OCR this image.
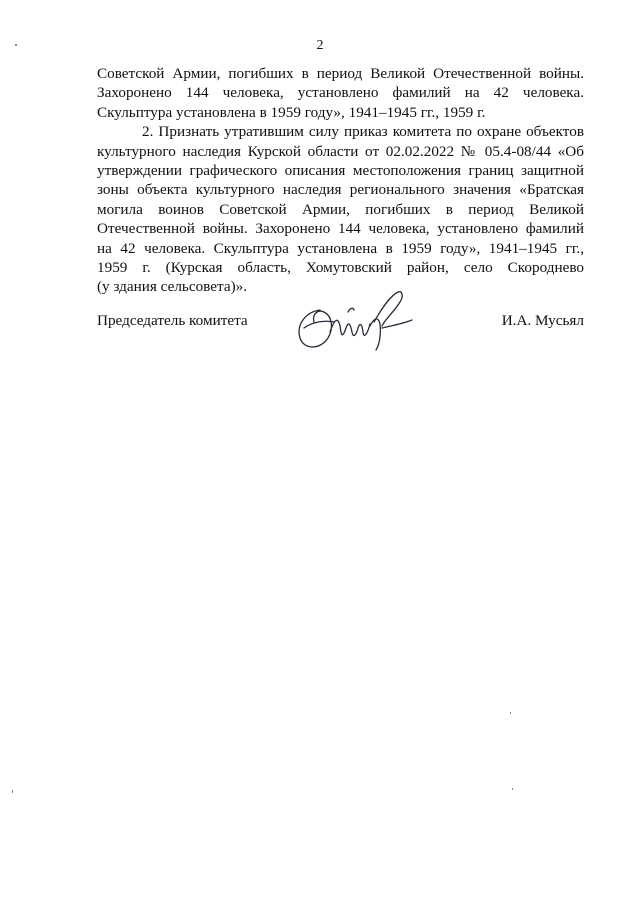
2
Советской Армии, погибших в период Великой Отечественной войны.
Захоронено 144 человека, установлено фамилий на 42 человека.
Скульптура установлена в 1959 году», 1941–1945 гг., 1959 г.
2. Признать утратившим силу приказ комитета по охране объектов
культурного наследия Курской области от 02.02.2022 № 05.4-08/44 «Об
утверждении графического описания местоположения границ защитной
зоны объекта культурного наследия регионального значения «Братская
могила воинов Советской Армии, погибших в период Великой
Отечественной войны. Захоронено 144 человека, установлено фамилий
на 42 человека. Скульптура установлена в 1959 году», 1941–1945 гг.,
1959 г. (Курская область, Хомутовский район, село Скороднево
(у здания сельсовета)».
Председатель комитета	И.А. Мусьял
